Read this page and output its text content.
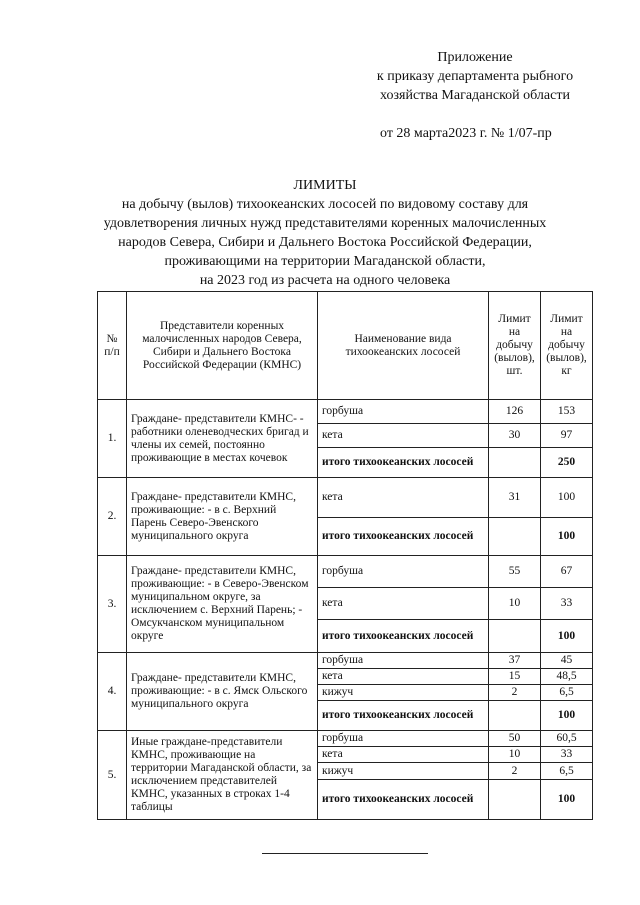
Приложение
к приказу департамента рыбного
хозяйства Магаданской области
от 28 марта2023 г. № 1/07-пр
ЛИМИТЫ
на добычу (вылов) тихоокеанских лососей по видовому составу для
удовлетворения личных нужд представителями коренных малочисленных
народов Севера, Сибири и Дальнего Востока Российской Федерации,
проживающими на территории Магаданской области,
на 2023 год из расчета на одного человека
№ п/п	Представители коренных малочисленных народов Севера, Сибири и Дальнего Востока Российской Федерации (КМНС)	Наименование вида тихоокеанских лососей	Лимит на добычу (вылов), шт.	Лимит на добычу (вылов), кг
1.	Граждане- представители КМНС- - работники оленеводческих бригад и члены их семей, постоянно проживающие в местах кочевок	горбуша	126	153
		кета	30	97
		итого тихоокеанских лососей		250
2.	Граждане- представители КМНС, проживающие: - в с. Верхний Парень Северо-Эвенского муниципального округа	кета	31	100
		итого тихоокеанских лососей		100
3.	Граждане- представители КМНС, проживающие: - в Северо-Эвенском муниципальном округе, за исключением с. Верхний Парень; - Омсукчанском муниципальном округе	горбуша	55	67
		кета	10	33
		итого тихоокеанских лососей		100
4.	Граждане- представители КМНС, проживающие: - в с. Ямск Ольского муниципального округа	горбуша	37	45
		кета	15	48,5
		кижуч	2	6,5
		итого тихоокеанских лососей		100
5.	Иные граждане-представители КМНС, проживающие на территории Магаданской области, за исключением представителей КМНС, указанных в строках 1-4 таблицы	горбуша	50	60,5
		кета	10	33
		кижуч	2	6,5
		итого тихоокеанских лососей		100
